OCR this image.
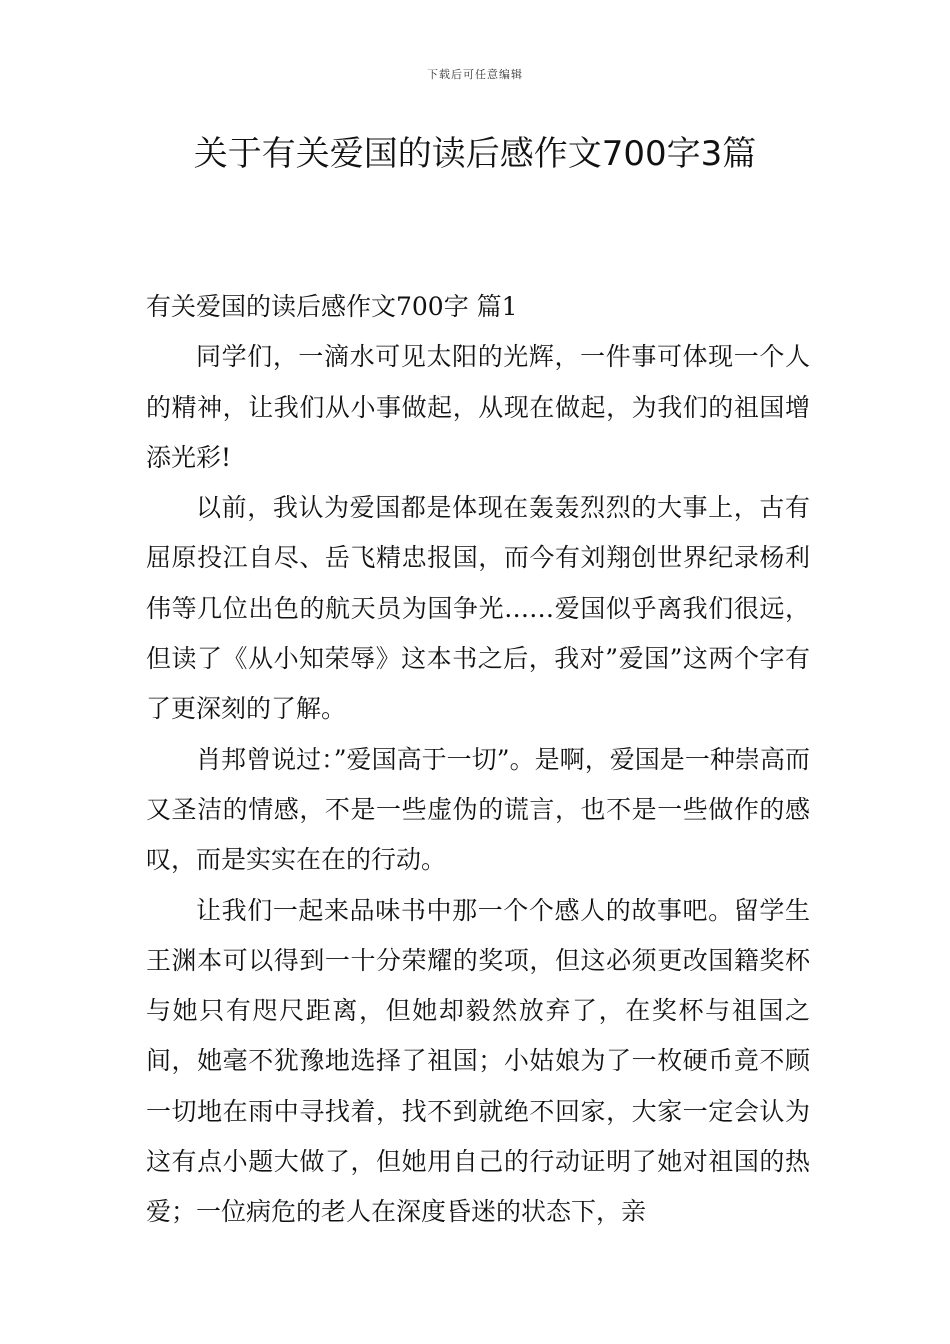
下载后可任意编辑
关于有关爱国的读后感作文700字3篇

有关爱国的读后感作文700字 篇1

同学们，一滴水可见太阳的光辉，一件事可体现一个人的精神，让我们从小事做起，从现在做起，为我们的祖国增添光彩!

以前，我认为爱国都是体现在轰轰烈烈的大事上，古有屈原投江自尽、岳飞精忠报国，而今有刘翔创世界纪录杨利伟等几位出色的航天员为国争光……爱国似乎离我们很远，但读了《从小知荣辱》这本书之后，我对”爱国”这两个字有了更深刻的了解。

肖邦曾说过：”爱国高于一切”。是啊，爱国是一种崇高而又圣洁的情感，不是一些虚伪的谎言，也不是一些做作的感叹，而是实实在在的行动。

让我们一起来品味书中那一个个感人的故事吧。留学生王渊本可以得到一十分荣耀的奖项，但这必须更改国籍奖杯与她只有咫尺距离，但她却毅然放弃了，在奖杯与祖国之间，她毫不犹豫地选择了祖国；小姑娘为了一枚硬币竟不顾一切地在雨中寻找着，找不到就绝不回家，大家一定会认为这有点小题大做了，但她用自己的行动证明了她对祖国的热爱；一位病危的老人在深度昏迷的状态下，亲
